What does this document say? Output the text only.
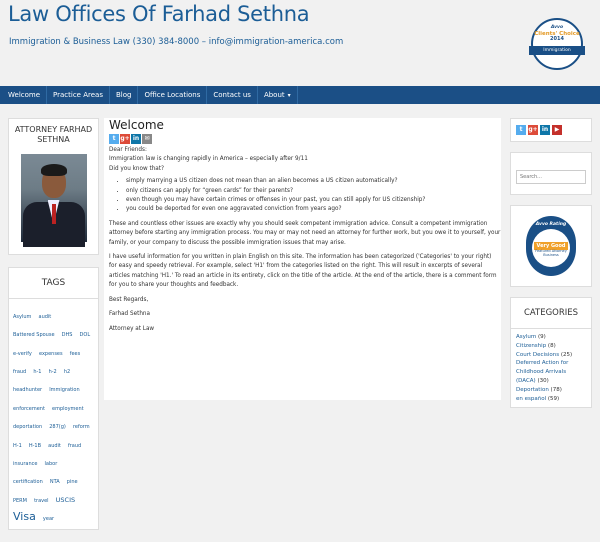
Law Offices Of Farhad Sethna
Immigration & Business Law (330) 384-8000 – info@immigration-america.com
Avvo
Clients' Choice
2014
Immigration
Welcome	Practice Areas	Blog	Office Locations	Contact us	About ▾
ATTORNEY FARHAD SETHNA
TAGS
Asylum audit Battered Spouse DHS DOL e-verify expenses fees fraud h-1 h-2 h2 headhunter Immigration enforcement employment deportation 287(g) reform H-1 H-1B audit fraud insurance labor certification NTA pine PERM travel USCIS Visa year
Welcome
t g+ in ✉
Dear Friends:
Immigration law is changing rapidly in America – especially after 9/11
Did you know that?
• simply marrying a US citizen does not mean than an alien becomes a US citizen automatically?
• only citizens can apply for “green cards” for their parents?
• even though you may have certain crimes or offenses in your past, you can still apply for US citizenship?
• you could be deported for even one aggravated conviction from years ago?

These and countless other issues are exactly why you should seek competent immigration advice. Consult a competent immigration attorney before starting any immigration process. You may or may not need an attorney for further work, but you owe it to yourself, your family, or your company to discuss the possible immigration issues that may arise.

I have useful information for you written in plain English on this site. The information has been categorized ('Categories' to your right) for easy and speedy retrieval. For example, select 'H1' from the categories listed on the right. This will result in excerpts of several articles matching 'H1.' To read an article in its entirety, click on the title of the article. At the end of the article, there is a comment form for you to share your thoughts and feedback.

Best Regards,

Farhad Sethna

Attorney at Law

t g+ in	▶
Search...
Avvo Rating
Very Good
Featured Attorney Business
CATEGORIES
Asylum (9)
Citizenship (8)
Court Decisions (25)
Deferred Action for Childhood Arrivals (DACA) (30)
Deportation (78)
en español (59)
